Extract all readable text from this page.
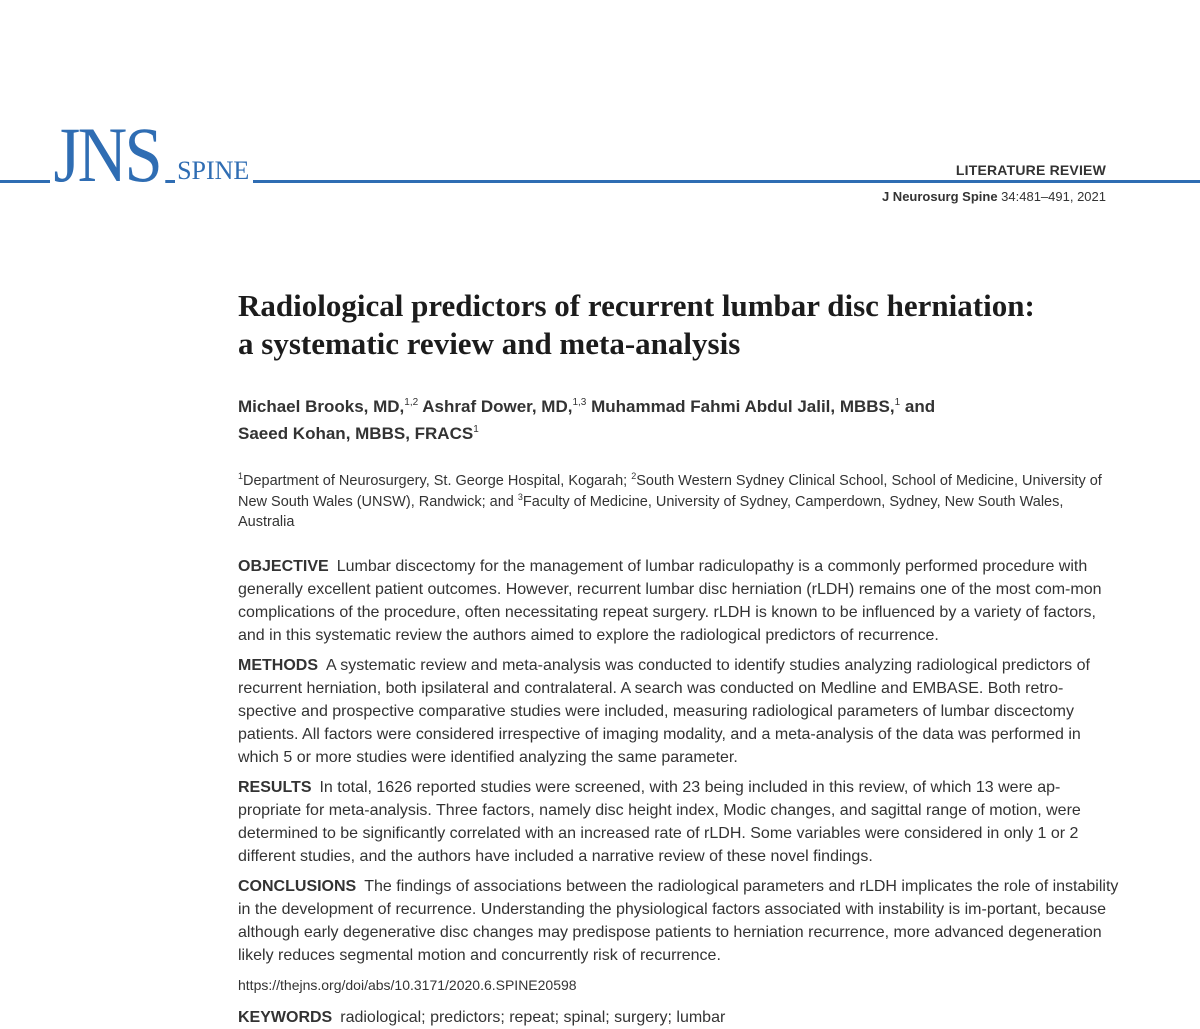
JNS SPINE	LITERATURE REVIEW
J Neurosurg Spine 34:481–491, 2021
Radiological predictors of recurrent lumbar disc herniation: a systematic review and meta-analysis
Michael Brooks, MD,$^{1,2}$ Ashraf Dower, MD,$^{1,3}$ Muhammad Fahmi Abdul Jalil, MBBS,$^1$ and
Saeed Kohan, MBBS, FRACS$^1$
$^1$Department of Neurosurgery, St. George Hospital, Kogarah; $^2$South Western Sydney Clinical School, School of Medicine, University of New South Wales (UNSW), Randwick; and $^3$Faculty of Medicine, University of Sydney, Camperdown, Sydney, New South Wales, Australia

OBJECTIVE Lumbar discectomy for the management of lumbar radiculopathy is a commonly performed procedure with generally excellent patient outcomes. However, recurrent lumbar disc herniation (rLDH) remains one of the most com-mon complications of the procedure, often necessitating repeat surgery. rLDH is known to be influenced by a variety of factors, and in this systematic review the authors aimed to explore the radiological predictors of recurrence.

METHODS A systematic review and meta-analysis was conducted to identify studies analyzing radiological predictors of recurrent herniation, both ipsilateral and contralateral. A search was conducted on Medline and EMBASE. Both retro-spective and prospective comparative studies were included, measuring radiological parameters of lumbar discectomy patients. All factors were considered irrespective of imaging modality, and a meta-analysis of the data was performed in which 5 or more studies were identified analyzing the same parameter.

RESULTS In total, 1626 reported studies were screened, with 23 being included in this review, of which 13 were ap-propriate for meta-analysis. Three factors, namely disc height index, Modic changes, and sagittal range of motion, were determined to be significantly correlated with an increased rate of rLDH. Some variables were considered in only 1 or 2 different studies, and the authors have included a narrative review of these novel findings.

CONCLUSIONS The findings of associations between the radiological parameters and rLDH implicates the role of instability in the development of recurrence. Understanding the physiological factors associated with instability is im-portant, because although early degenerative disc changes may predispose patients to herniation recurrence, more advanced degeneration likely reduces segmental motion and concurrently risk of recurrence.

https://thejns.org/doi/abs/10.3171/2020.6.SPINE20598

KEYWORDS radiological; predictors; repeat; spinal; surgery; lumbar
